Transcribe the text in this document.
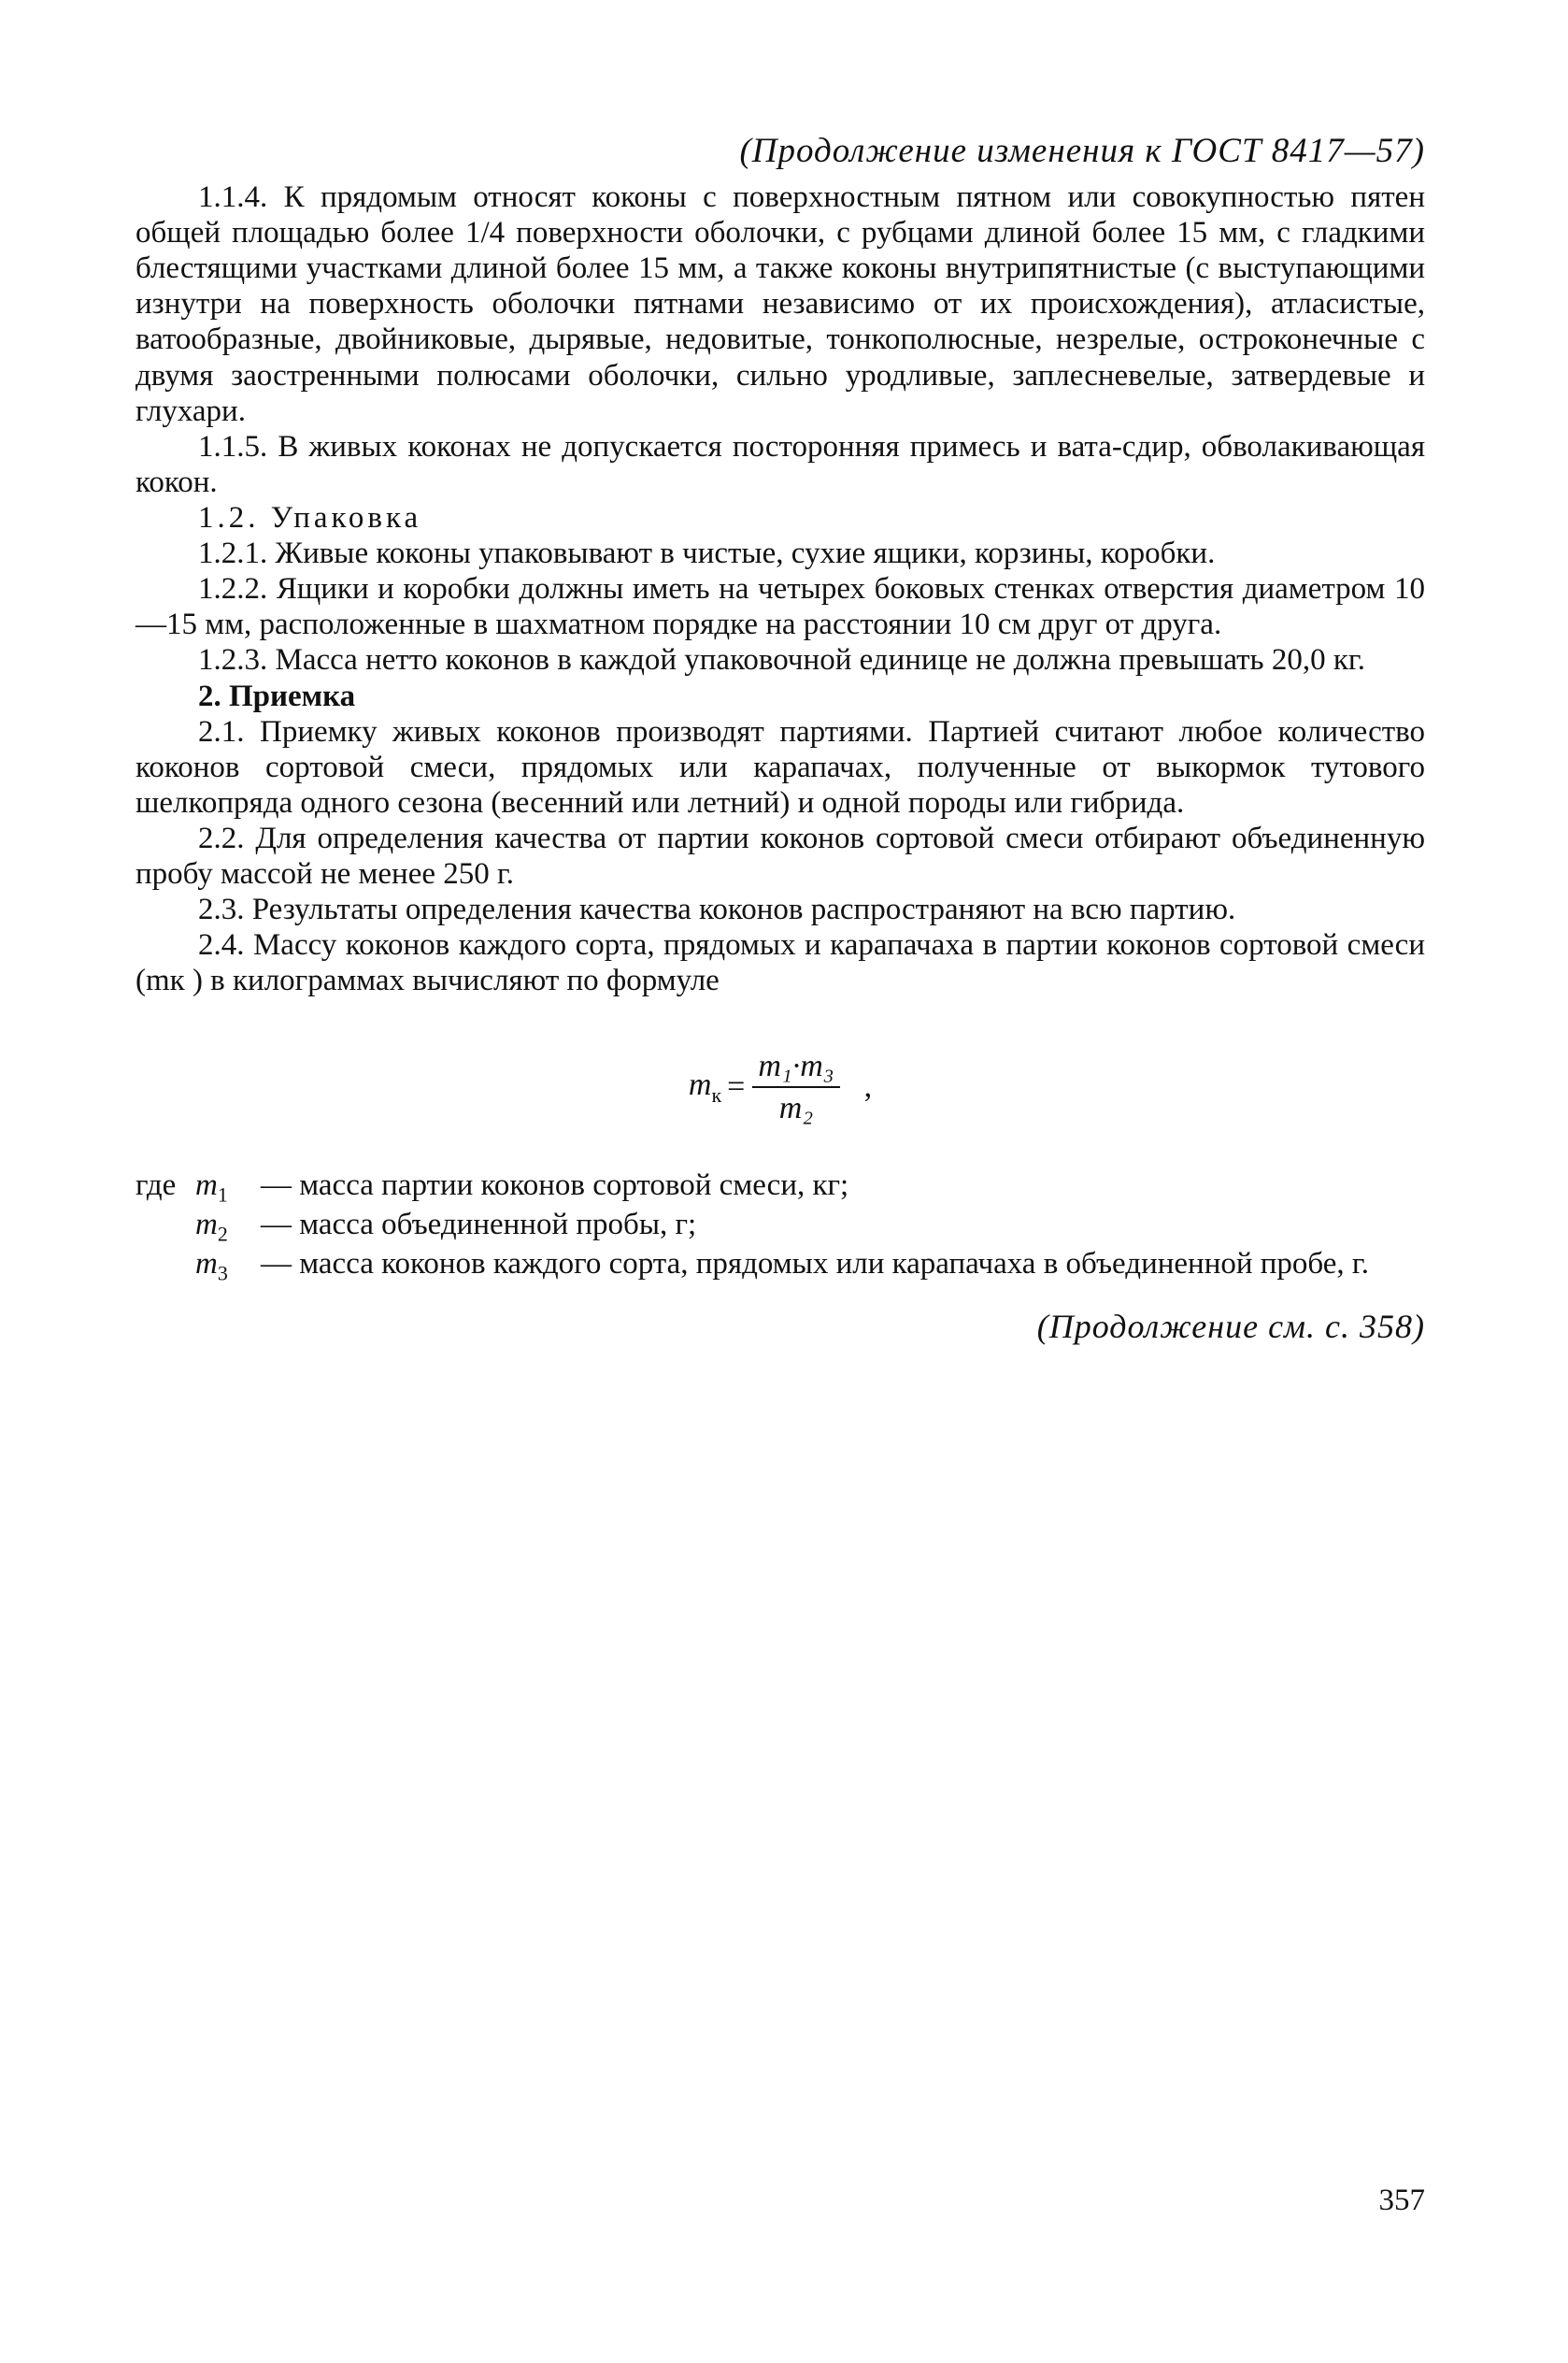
(Продолжение изменения к ГОСТ 8417—57)

1.1.4. К прядомым относят коконы с поверхностным пятном или совокупностью пятен общей площадью более 1/4 поверхности оболочки, с рубцами длиной более 15 мм, с гладкими блестящими участками длиной более 15 мм, а также коконы внутрипятнистые (с выступающими изнутри на поверхность оболочки пятнами независимо от их происхождения), атласистые, ватообразные, двойниковые, дырявые, недовитые, тонкополюсные, незрелые, остроконечные с двумя заостренными полюсами оболочки, сильно уродливые, заплесневелые, затвердевые и глухари.

1.1.5. В живых коконах не допускается посторонняя примесь и вата-сдир, обволакивающая кокон.

1.2. Упаковка

1.2.1. Живые коконы упаковывают в чистые, сухие ящики, корзины, коробки.

1.2.2. Ящики и коробки должны иметь на четырех боковых стенках отверстия диаметром 10—15 мм, расположенные в шахматном порядке на расстоянии 10 см друг от друга.

1.2.3. Масса нетто коконов в каждой упаковочной единице не должна превышать 20,0 кг.

2. Приемка

2.1. Приемку живых коконов производят партиями. Партией считают любое количество коконов сортовой смеси, прядомых или карапачах, полученные от выкормок тутового шелкопряда одного сезона (весенний или летний) и одной породы или гибрида.

2.2. Для определения качества от партии коконов сортовой смеси отбирают объединенную пробу массой не менее 250 г.

2.3. Результаты определения качества коконов распространяют на всю партию.

2.4. Массу коконов каждого сорта, прядомых и карапачаха в партии коконов сортовой смеси (mк ) в килограммах вычисляют по формуле

$m_к = \frac{\text{m₁·m₃}}{\text{m₂}}$ ,
где $m_1$	— масса партии коконов сортовой смеси, кг;
$m_2$	— масса объединенной пробы, г;
$m_3$	— масса коконов каждого сорта, прядомых или карапачаха в объединенной пробе, г.
(Продолжение см. с. 358)
357
